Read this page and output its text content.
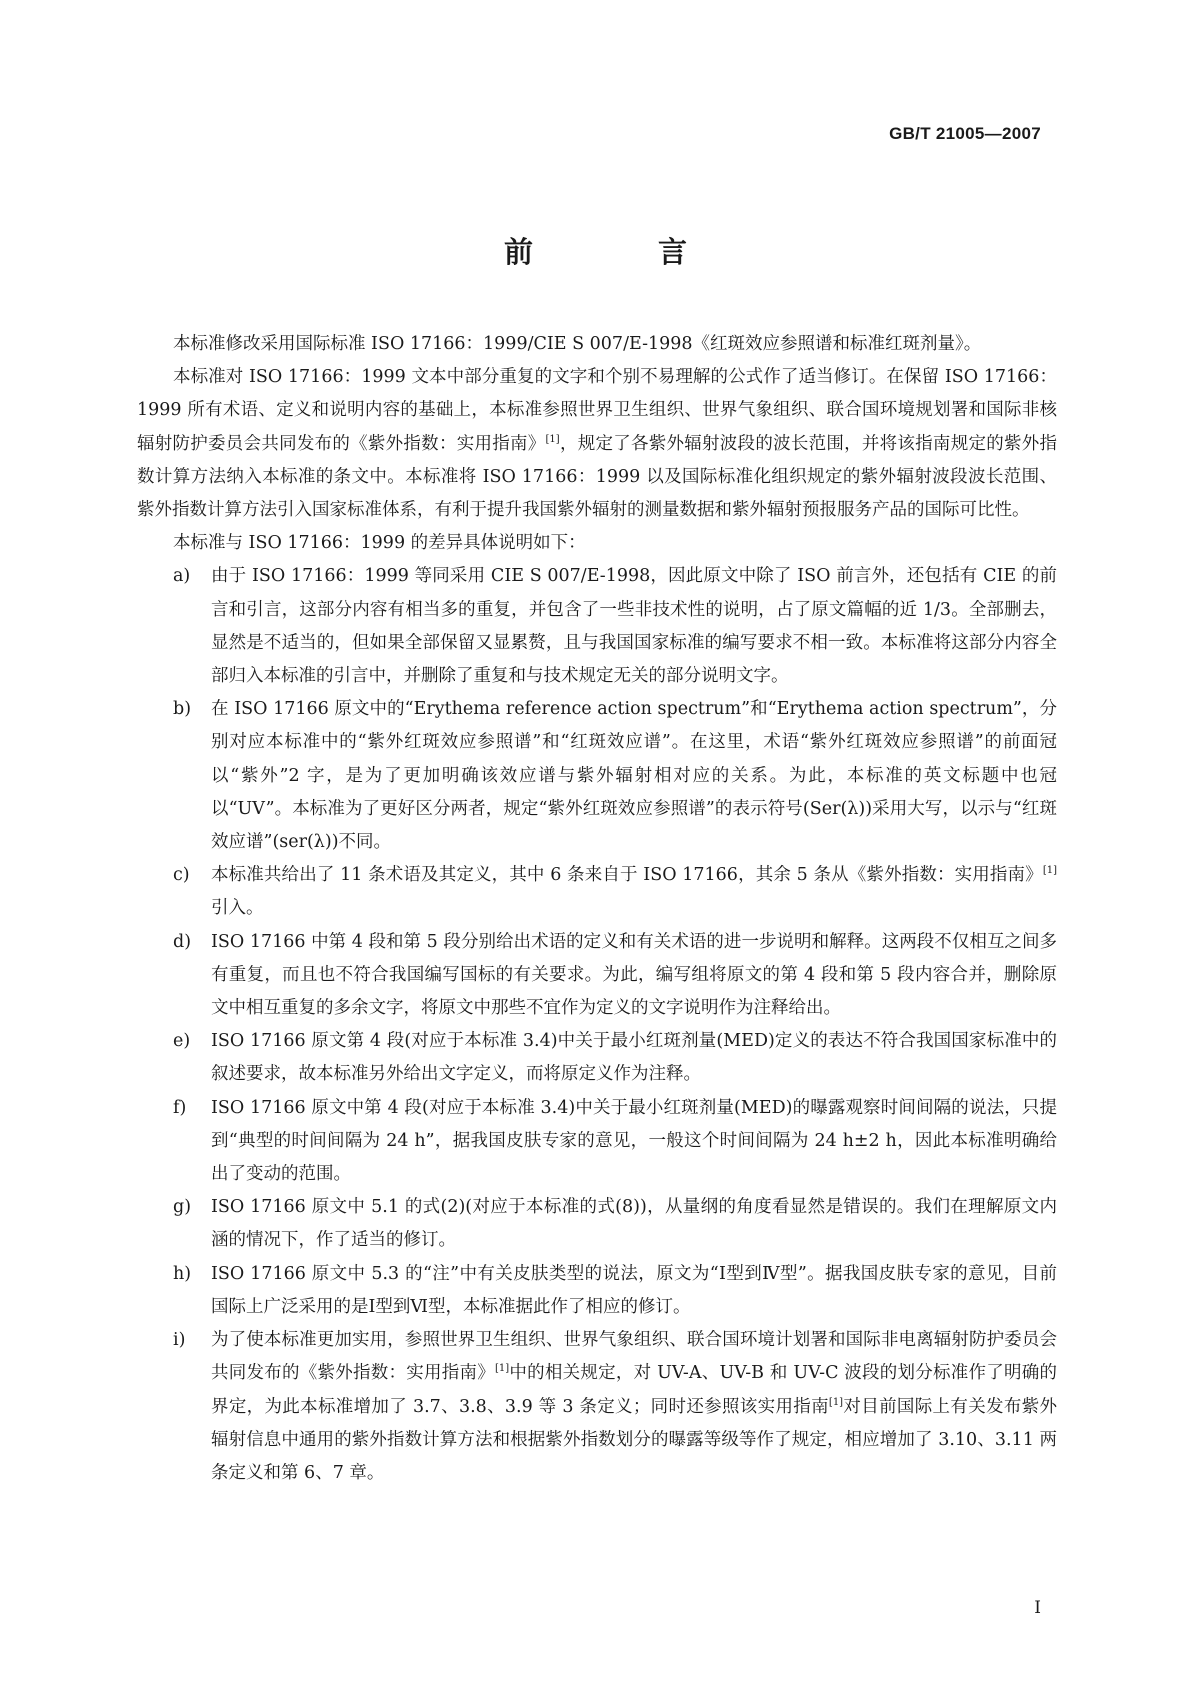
GB/T 21005—2007
前　言

本标准修改采用国际标准 ISO 17166：1999/CIE S 007/E-1998《红斑效应参照谱和标准红斑剂量》。

本标准对 ISO 17166：1999 文本中部分重复的文字和个别不易理解的公式作了适当修订。在保留 ISO 17166：1999 所有术语、定义和说明内容的基础上，本标准参照世界卫生组织、世界气象组织、联合国环境规划署和国际非核辐射防护委员会共同发布的《紫外指数：实用指南》[1]，规定了各紫外辐射波段的波长范围，并将该指南规定的紫外指数计算方法纳入本标准的条文中。本标准将 ISO 17166：1999 以及国际标准化组织规定的紫外辐射波段波长范围、紫外指数计算方法引入国家标准体系，有利于提升我国紫外辐射的测量数据和紫外辐射预报服务产品的国际可比性。

本标准与 ISO 17166：1999 的差异具体说明如下：

a)	由于 ISO 17166：1999 等同采用 CIE S 007/E-1998，因此原文中除了 ISO 前言外，还包括有 CIE 的前言和引言，这部分内容有相当多的重复，并包含了一些非技术性的说明，占了原文篇幅的近 1/3。全部删去，显然是不适当的，但如果全部保留又显累赘，且与我国国家标准的编写要求不相一致。本标准将这部分内容全部归入本标准的引言中，并删除了重复和与技术规定无关的部分说明文字。
b)	在 ISO 17166 原文中的“Erythema reference action spectrum”和“Erythema action spectrum”，分别对应本标准中的“紫外红斑效应参照谱”和“红斑效应谱”。在这里，术语“紫外红斑效应参照谱”的前面冠以“紫外”2 字，是为了更加明确该效应谱与紫外辐射相对应的关系。为此，本标准的英文标题中也冠以“UV”。本标准为了更好区分两者，规定“紫外红斑效应参照谱”的表示符号(Ser(λ))采用大写，以示与“红斑效应谱”(ser(λ))不同。
c)	本标准共给出了 11 条术语及其定义，其中 6 条来自于 ISO 17166，其余 5 条从《紫外指数：实用指南》[1]引入。
d)	ISO 17166 中第 4 段和第 5 段分别给出术语的定义和有关术语的进一步说明和解释。这两段不仅相互之间多有重复，而且也不符合我国编写国标的有关要求。为此，编写组将原文的第 4 段和第 5 段内容合并，删除原文中相互重复的多余文字，将原文中那些不宜作为定义的文字说明作为注释给出。
e)	ISO 17166 原文第 4 段(对应于本标准 3.4)中关于最小红斑剂量(MED)定义的表达不符合我国国家标准中的叙述要求，故本标准另外给出文字定义，而将原定义作为注释。
f)	ISO 17166 原文中第 4 段(对应于本标准 3.4)中关于最小红斑剂量(MED)的曝露观察时间间隔的说法，只提到“典型的时间间隔为 24 h”，据我国皮肤专家的意见，一般这个时间间隔为 24 h±2 h，因此本标准明确给出了变动的范围。
g)	ISO 17166 原文中 5.1 的式(2)(对应于本标准的式(8))，从量纲的角度看显然是错误的。我们在理解原文内涵的情况下，作了适当的修订。
h)	ISO 17166 原文中 5.3 的“注”中有关皮肤类型的说法，原文为“Ⅰ型到Ⅳ型”。据我国皮肤专家的意见，目前国际上广泛采用的是Ⅰ型到Ⅵ型，本标准据此作了相应的修订。
i)	为了使本标准更加实用，参照世界卫生组织、世界气象组织、联合国环境计划署和国际非电离辐射防护委员会共同发布的《紫外指数：实用指南》[1]中的相关规定，对 UV-A、UV-B 和 UV-C 波段的划分标准作了明确的界定，为此本标准增加了 3.7、3.8、3.9 等 3 条定义；同时还参照该实用指南[1]对目前国际上有关发布紫外辐射信息中通用的紫外指数计算方法和根据紫外指数划分的曝露等级等作了规定，相应增加了 3.10、3.11 两条定义和第 6、7 章。
I
